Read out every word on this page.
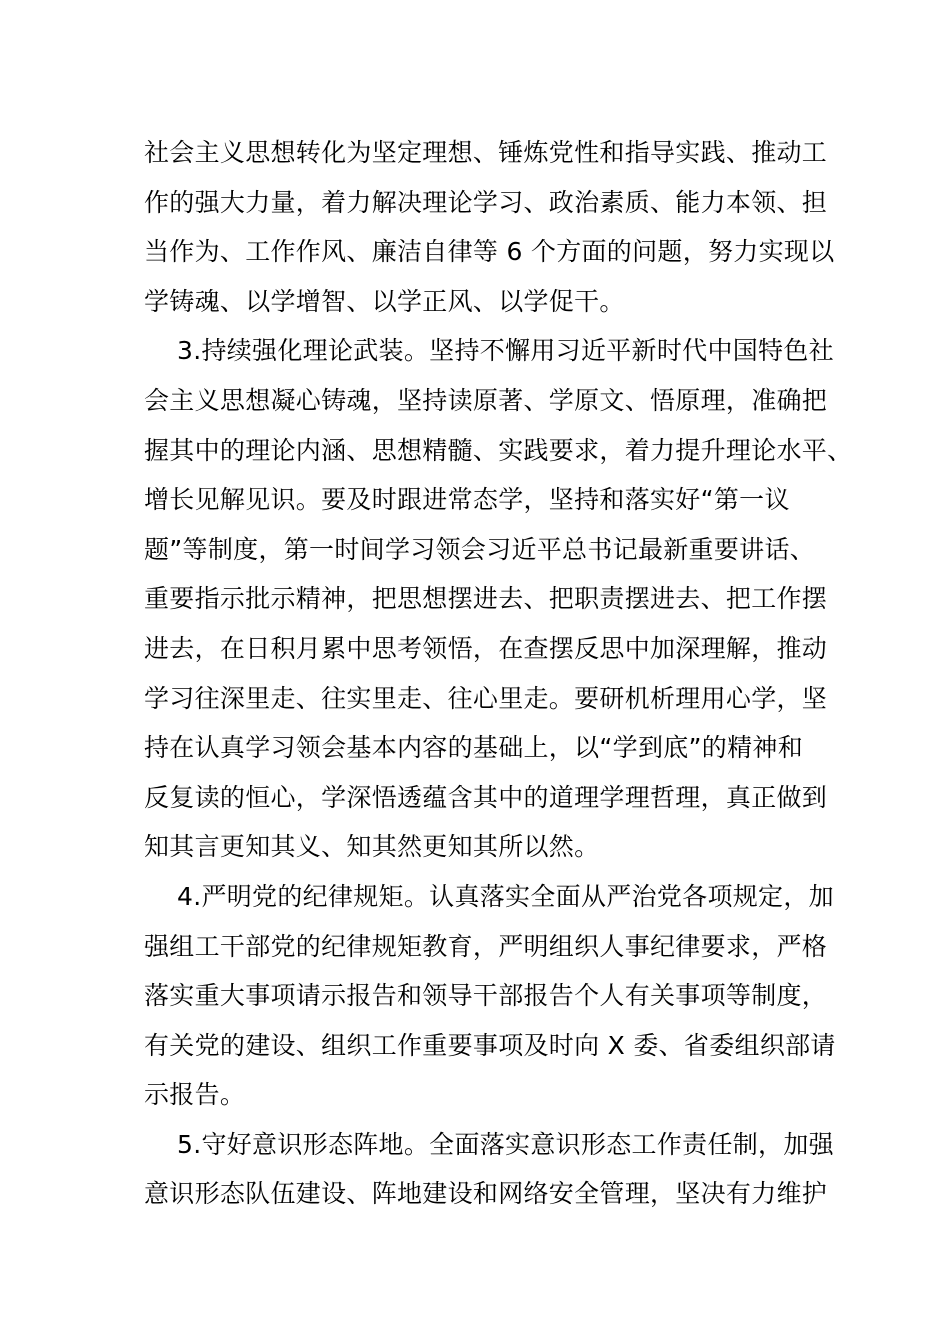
社会主义思想转化为坚定理想、锤炼党性和指导实践、推动工
作的强大力量，着力解决理论学习、政治素质、能力本领、担
当作为、工作作风、廉洁自律等 6 个方面的问题，努力实现以
学铸魂、以学增智、以学正风、以学促干。
3.持续强化理论武装。坚持不懈用习近平新时代中国特色社
会主义思想凝心铸魂，坚持读原著、学原文、悟原理，准确把
握其中的理论内涵、思想精髓、实践要求，着力提升理论水平、
增长见解见识。要及时跟进常态学，坚持和落实好“第一议
题”等制度，第一时间学习领会习近平总书记最新重要讲话、
重要指示批示精神，把思想摆进去、把职责摆进去、把工作摆
进去，在日积月累中思考领悟，在查摆反思中加深理解，推动
学习往深里走、往实里走、往心里走。要研机析理用心学，坚
持在认真学习领会基本内容的基础上，以“学到底”的精神和
反复读的恒心，学深悟透蕴含其中的道理学理哲理，真正做到
知其言更知其义、知其然更知其所以然。
4.严明党的纪律规矩。认真落实全面从严治党各项规定，加
强组工干部党的纪律规矩教育，严明组织人事纪律要求，严格
落实重大事项请示报告和领导干部报告个人有关事项等制度，
有关党的建设、组织工作重要事项及时向 X 委、省委组织部请
示报告。
5.守好意识形态阵地。全面落实意识形态工作责任制，加强
意识形态队伍建设、阵地建设和网络安全管理，坚决有力维护
